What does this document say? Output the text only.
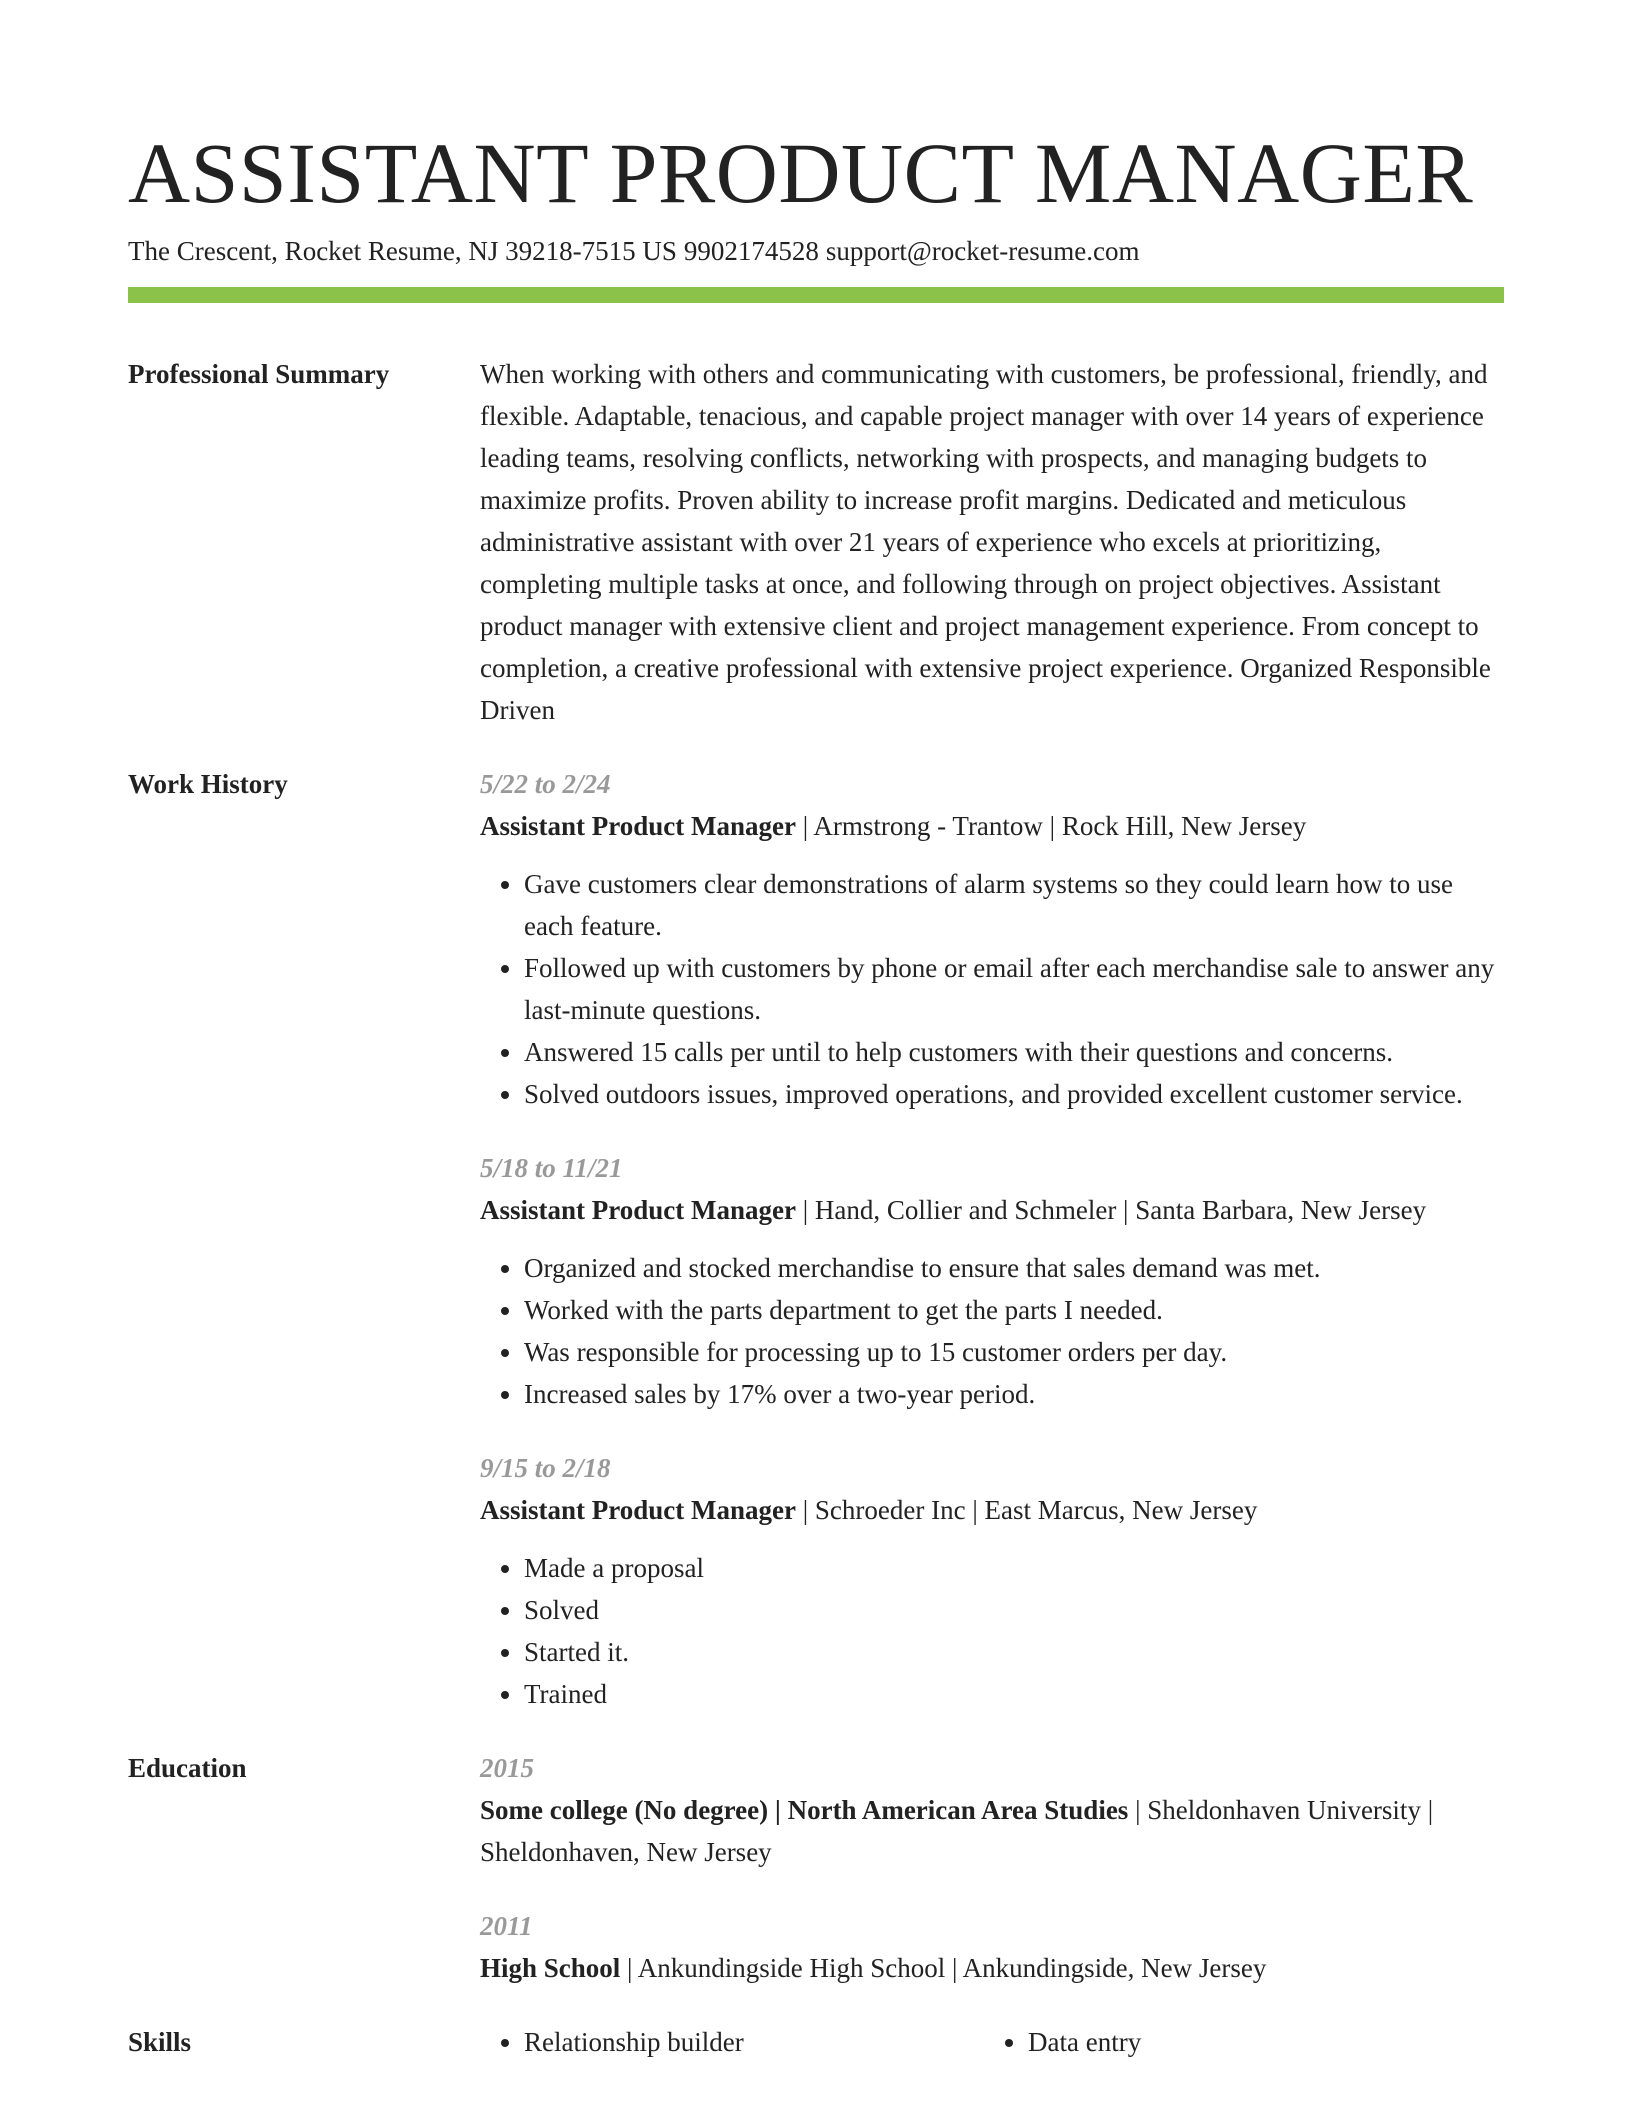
ASSISTANT PRODUCT MANAGER
The Crescent, Rocket Resume, NJ 39218-7515 US 9902174528 support@rocket-resume.com
Professional Summary	When working with others and communicating with customers, be professional, friendly, and flexible. Adaptable, tenacious, and capable project manager with over 14 years of experience leading teams, resolving conflicts, networking with prospects, and managing budgets to maximize profits. Proven ability to increase profit margins. Dedicated and meticulous administrative assistant with over 21 years of experience who excels at prioritizing, completing multiple tasks at once, and following through on project objectives. Assistant product manager with extensive client and project management experience. From concept to completion, a creative professional with extensive project experience. Organized Responsible Driven
Work History	5/22 to 2/24
Assistant Product Manager | Armstrong - Trantow | Rock Hill, New Jersey
• Gave customers clear demonstrations of alarm systems so they could learn how to use each feature.
• Followed up with customers by phone or email after each merchandise sale to answer any last-minute questions.
• Answered 15 calls per until to help customers with their questions and concerns.
• Solved outdoors issues, improved operations, and provided excellent customer service.
5/18 to 11/21
Assistant Product Manager | Hand, Collier and Schmeler | Santa Barbara, New Jersey
• Organized and stocked merchandise to ensure that sales demand was met.
• Worked with the parts department to get the parts I needed.
• Was responsible for processing up to 15 customer orders per day.
• Increased sales by 17% over a two-year period.
9/15 to 2/18
Assistant Product Manager | Schroeder Inc | East Marcus, New Jersey
• Made a proposal
• Solved
• Started it.
• Trained
Education	2015
Some college (No degree) | North American Area Studies | Sheldonhaven University | Sheldonhaven, New Jersey
2011
High School | Ankundingside High School | Ankundingside, New Jersey
Skills	• Relationship builder	• Data entry
